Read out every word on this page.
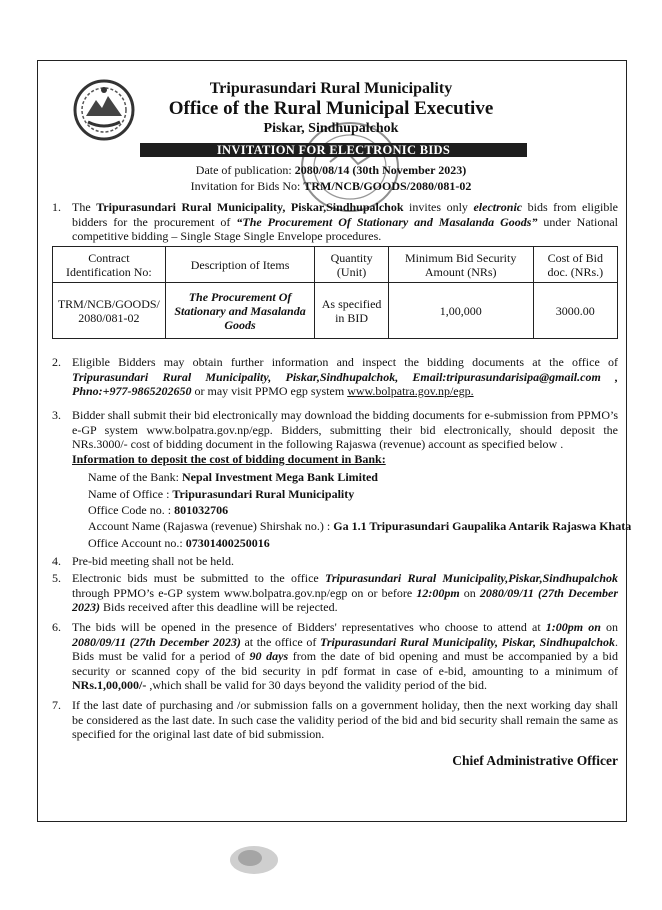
Tripurasundari Rural Municipality
Office of the Rural Municipal Executive
Piskar, Sindhupalchok
INVITATION FOR ELECTRONIC BIDS
Date of publication: 2080/08/14 (30th November 2023)
Invitation for Bids No: TRM/NCB/GOODS/2080/081-02
1. The Tripurasundari Rural Municipality, Piskar,Sindhupalchok invites only electronic bids from eligible bidders for the procurement of “The Procurement Of Stationary and Masalanda Goods” under National competitive bidding – Single Stage Single Envelope procedures.
Contract Identification No:	Description of Items	Quantity (Unit)	Minimum Bid Security Amount (NRs)	Cost of Bid doc. (NRs.)
TRM/NCB/GOODS/ 2080/081-02	The Procurement Of Stationary and Masalanda Goods	As specified in BID	1,00,000	3000.00
2. Eligible Bidders may obtain further information and inspect the bidding documents at the office of Tripurasundari Rural Municipality, Piskar,Sindhupalchok, Email:tripurasundarisipa@gmail.com , Phno:+977-9865202650 or may visit PPMO egp system www.bolpatra.gov.np/egp.
3. Bidder shall submit their bid electronically may download the bidding documents for e-submission from PPMO’s e-GP system www.bolpatra.gov.np/egp. Bidders, submitting their bid electronically, should deposit the NRs.3000/- cost of bidding document in the following Rajaswa (revenue) account as specified below .
Information to deposit the cost of bidding document in Bank:
Name of the Bank: Nepal Investment Mega Bank Limited
Name of Office : Tripurasundari Rural Municipality
Office Code no. : 801032706
Account Name (Rajaswa (revenue) Shirshak no.) : Ga 1.1 Tripurasundari Gaupalika Antarik Rajaswa Khata
Office Account no.: 07301400250016
4. Pre-bid meeting shall not be held.
5. Electronic bids must be submitted to the office Tripurasundari Rural Municipality,Piskar,Sindhupalchok through PPMO’s e-GP system www.bolpatra.gov.np/egp on or before 12:00pm on 2080/09/11 (27th December 2023) Bids received after this deadline will be rejected.
6. The bids will be opened in the presence of Bidders' representatives who choose to attend at 1:00pm on on 2080/09/11 (27th December 2023) at the office of Tripurasundari Rural Municipality, Piskar, Sindhupalchok. Bids must be valid for a period of 90 days from the date of bid opening and must be accompanied by a bid security or scanned copy of the bid security in pdf format in case of e-bid, amounting to a minimum of NRs.1,00,000/- ,which shall be valid for 30 days beyond the validity period of the bid.
7. If the last date of purchasing and /or submission falls on a government holiday, then the next working day shall be considered as the last date. In such case the validity period of the bid and bid security shall remain the same as specified for the original last date of bid submission.
Chief Administrative Officer
